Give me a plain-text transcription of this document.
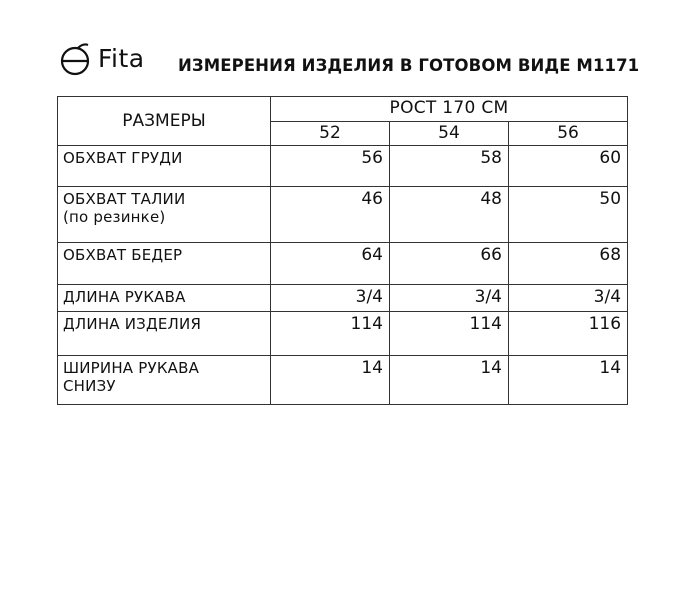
Fita ИЗМЕРЕНИЯ ИЗДЕЛИЯ В ГОТОВОМ ВИДЕ М1171
РАЗМЕРЫ	РОСТ 170 СМ		
	52	54	56
ОБХВАТ ГРУДИ	56	58	60

ОБХВАТ ТАЛИИ
(по резинке)	46	48	50
ОБХВАТ БЕДЕР	64	66	68
ДЛИНА РУКАВА	3/4	3/4	3/4
ДЛИНА ИЗДЕЛИЯ	114	114	116

ШИРИНА РУКАВА
СНИЗУ	14	14	14
